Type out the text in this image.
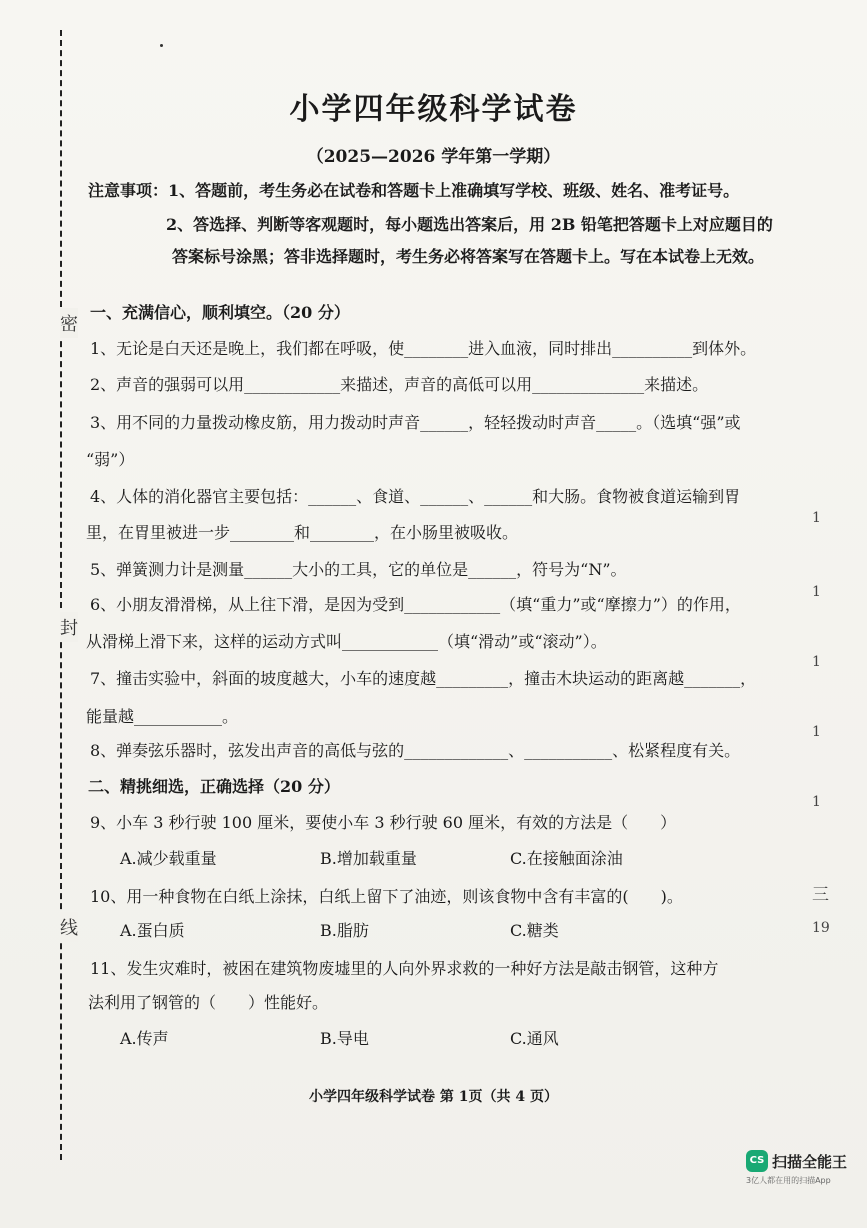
密
封
线
小学四年级科学试卷
（2025—2026 学年第一学期）
注意事项：1、答题前，考生务必在试卷和答题卡上准确填写学校、班级、姓名、准考证号。
2、答选择、判断等客观题时，每小题选出答案后，用 2B 铅笔把答题卡上对应题目的
答案标号涂黑；答非选择题时，考生务必将答案写在答题卡上。写在本试卷上无效。
一、充满信心，顺利填空。（20 分）
1、无论是白天还是晚上，我们都在呼吸，使________进入血液，同时排出__________到体外。
2、声音的强弱可以用____________来描述，声音的高低可以用______________来描述。
3、用不同的力量拨动橡皮筋，用力拨动时声音______，轻轻拨动时声音_____。（选填“强”或
“弱”）
4、人体的消化器官主要包括：______、食道、______、______和大肠。食物被食道运输到胃
里，在胃里被进一步________和________，在小肠里被吸收。
5、弹簧测力计是测量______大小的工具，它的单位是______，符号为“N”。
6、小朋友滑滑梯，从上往下滑，是因为受到____________（填“重力”或“摩擦力”）的作用，
从滑梯上滑下来，这样的运动方式叫____________（填“滑动”或“滚动”）。
7、撞击实验中，斜面的坡度越大，小车的速度越_________，撞击木块运动的距离越_______，
能量越___________。
8、弹奏弦乐器时，弦发出声音的高低与弦的_____________、___________、松紧程度有关。
二、精挑细选，正确选择（20 分）
9、小车 3 秒行驶 100 厘米，要使小车 3 秒行驶 60 厘米，有效的方法是（　　）
A.减少载重量	B.增加载重量	C.在接触面涂油
10、用一种食物在白纸上涂抹，白纸上留下了油迹，则该食物中含有丰富的(　　)。
A.蛋白质	B.脂肪	C.糖类
11、发生灾难时，被困在建筑物废墟里的人向外界求救的一种好方法是敲击钢管，这种方
法利用了钢管的（　　）性能好。
A.传声	B.导电	C.通风
小学四年级科学试卷 第 1页（共 4 页）
1
1
1
1
1
三
19
CS 扫描全能王
3亿人都在用的扫描App
